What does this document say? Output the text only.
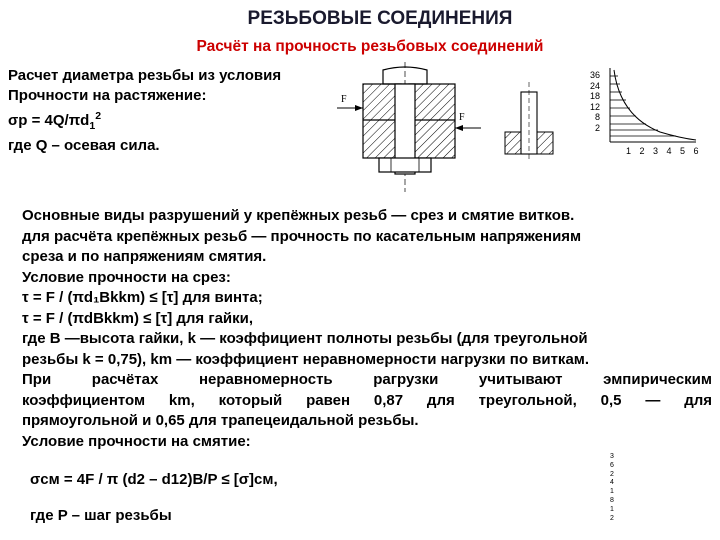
РЕЗЬБОВЫЕ СОЕДИНЕНИЯ
Расчёт на прочность резьбовых соединений
Расчет диаметра резьбы из условия
Прочности на растяжение:
$\sigma p = 4Q/\pi d_1^2$
где Q – осевая сила.
F
F
36
24
18
12
8
2
1 2 3 4 5 6
Основные виды разрушений у крепёжных резьб — срез и смятие витков.
для расчёта крепёжных резьб — прочность по касательным напряжениям
среза и по напряжениям смятия.
Условие прочности на срез:
τ = F / (πd₁Bkkm) ≤ [τ] для винта;
τ = F / (πdBkkm) ≤ [τ] для гайки,
где B —высота гайки, k — коэффициент полноты резьбы (для треугольной
резьбы k = 0,75), km — коэффициент неравномерности нагрузки по виткам.
При расчётах неравномерность рагрузки учитывают эмпирическим
коэффициентом km, который равен 0,87 для треугольной, 0,5 — для
прямоугольной и 0,65 для трапецеидальной резьбы.
Условие прочности на смятие:
σсм = 4F / π (d2 – d12)B/P ≤ [σ]см,
где P – шаг резьбы
3
6
2
4
1
8
1
2
